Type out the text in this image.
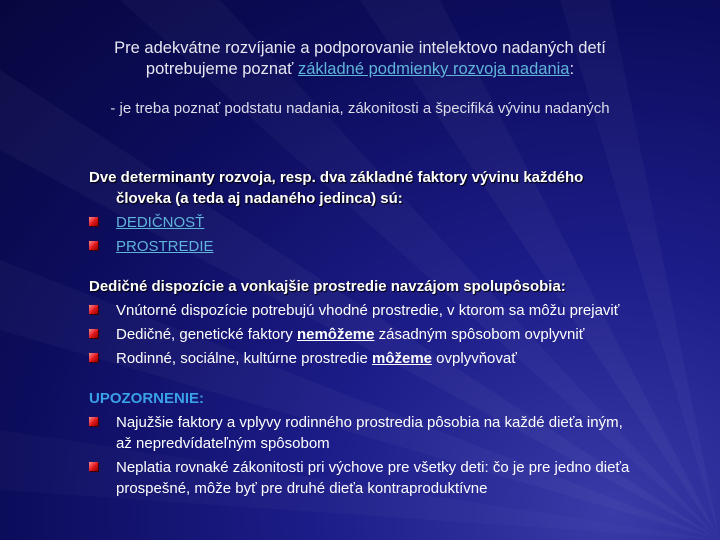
Pre adekvátne rozvíjanie a podporovanie intelektovo nadaných detí
potrebujeme poznať základné podmienky rozvoja nadania:
- je treba poznať podstatu nadania, zákonitosti a špecifiká vývinu nadaných
Dve determinanty rozvoja, resp. dva základné faktory vývinu každého
človeka (a teda aj nadaného jedinca) sú:
DEDIČNOSŤ
PROSTREDIE
Dedičné dispozície a vonkajšie prostredie navzájom spolupôsobia:
Vnútorné dispozície potrebujú vhodné prostredie, v ktorom sa môžu prejaviť
Dedičné, genetické faktory nemôžeme zásadným spôsobom ovplyvniť
Rodinné, sociálne, kultúrne prostredie môžeme ovplyvňovať
UPOZORNENIE:
Najužšie faktory a vplyvy rodinného prostredia pôsobia na každé dieťa iným,
až nepredvídateľným spôsobom
Neplatia rovnaké zákonitosti pri výchove pre všetky deti: čo je pre jedno dieťa
prospešné, môže byť pre druhé dieťa kontraproduktívne
